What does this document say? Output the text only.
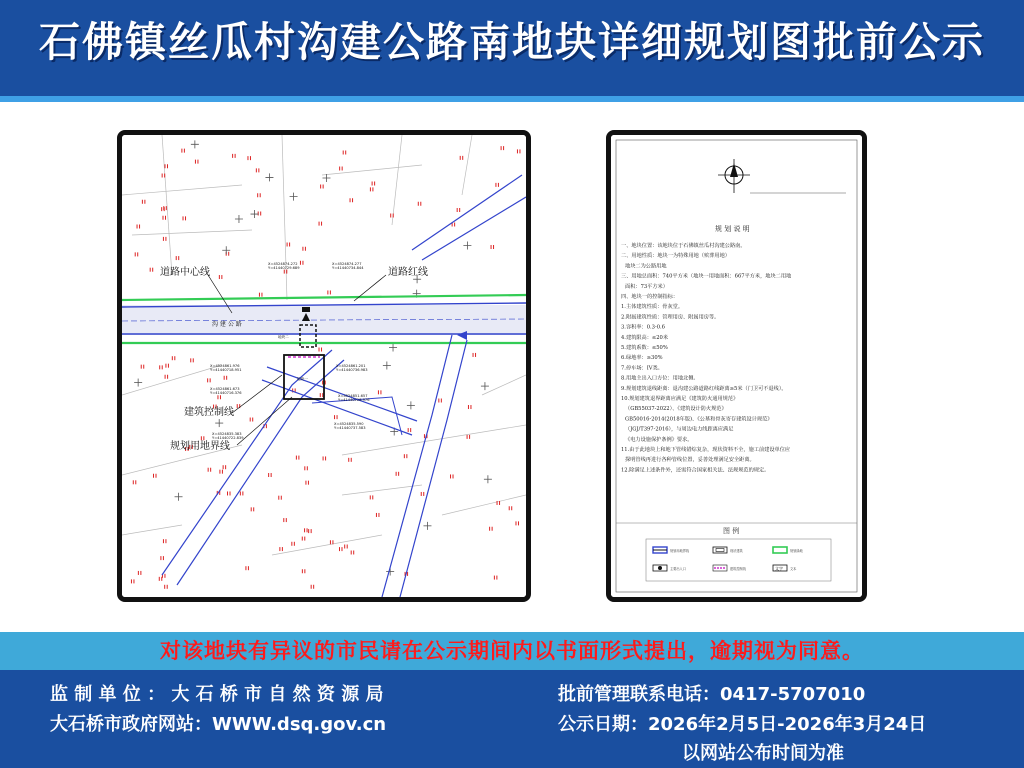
石佛镇丝瓜村沟建公路南地块详细规划图批前公示
地块二
地块一
X=4524874.272 Y=41440729.689
X=4524874.277 Y=41440734.844
X=4524861.976 Y=41440718.951
X=4524861.673 Y=41440716.376
X=4524861.201 Y=41440736.983
X=4524851.657 Y=41440728.976
X=4524835.590 Y=41440737.583
X=4524835.383 Y=41440722.839
道路中心线	道路红线
建筑控制线
规划用地界线
沟 建 公 路
规 划 说 明
一、地块位置：该地块位于石佛镇丝瓜村沟建公路南。
二、用地性质：地块一为特殊用地（殡葬用地）
地块二为公路用地
三、用地总面积：740平方米（地块一用地面积：667平方米，地块二用地
面积：73平方米）
四、地块一的控制指标：
1.主体建筑性质：骨灰堂。
2.附属建筑性质：管理用房、附属用房等。
3.容积率：0.3-0.6
4.建筑限高：≤20米
5.建筑系数：≤50%
6.绿地率：≥30%
7.停车场：IV类。
8.用地主出入口方位：用地北侧。
9.规划建筑退线距离：退沟建公路道路红线距离≥5米（门卫可不退线）。
10.规划建筑退界距离应满足《建筑防火通用规范》
（GB55037-2022）、《建筑设计防火规范》
GB50016-2014(2018年版)、《公墓和骨灰寄存建筑设计规范》
（JGJ/T397-2016），与周边电力线距离应满足
《电力设施保护条例》要求。
11.由于此地块上和地下管线错综复杂，现状资料不全，施工前建设单位应
探明管线再进行各种管线位置，妥善处理满足安全距离。
12.除满足上述条件外，还需符合国家相关法、法规规范的规定。
图 例
规划用地界线	现状建筑	规划绿地
主要出入口	建筑控制线	文字 文本
对该地块有异议的市民请在公示期间内以书面形式提出，逾期视为同意。
监 制 单 位 ： 大 石 桥 市 自 然 资 源 局
大石桥市政府网站：WWW.dsq.gov.cn
批前管理联系电话：0417-5707010
公示日期：2026年2月5日-2026年3月24日
以网站公布时间为准
